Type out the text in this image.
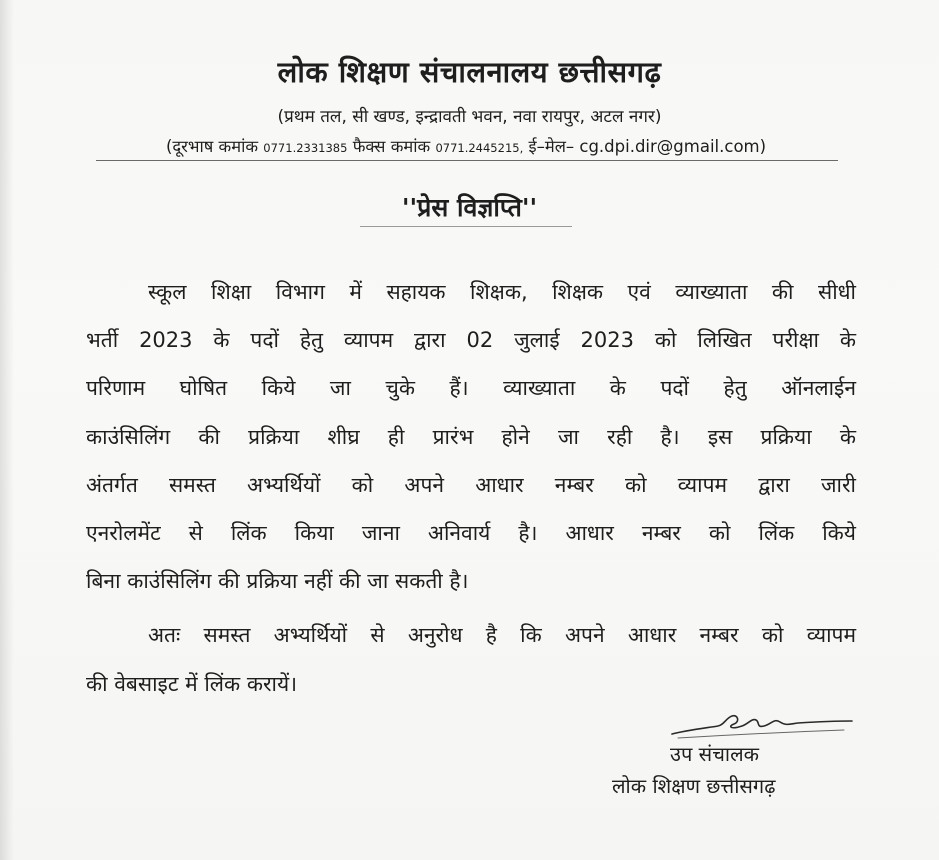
लोक शिक्षण संचालनालय छत्तीसगढ़
(प्रथम तल, सी खण्ड, इन्द्रावती भवन, नवा रायपुर, अटल नगर)
(दूरभाष कमांक 0771.2331385 फैक्स कमांक 0771.2445215, ई–मेल– cg.dpi.dir@gmail.com)
''प्रेस विज्ञप्ति''
स्कूल शिक्षा विभाग में सहायक शिक्षक, शिक्षक एवं व्याख्याता की सीधी
भर्ती 2023 के पदों हेतु व्यापम द्वारा 02 जुलाई 2023 को लिखित परीक्षा के
परिणाम घोषित किये जा चुके हैं। व्याख्याता के पदों हेतु ऑनलाईन
काउंसिलिंग की प्रक्रिया शीघ्र ही प्रारंभ होने जा रही है। इस प्रक्रिया के
अंतर्गत समस्त अभ्यर्थियों को अपने आधार नम्बर को व्यापम द्वारा जारी
एनरोलमेंट से लिंक किया जाना अनिवार्य है। आधार नम्बर को लिंक किये
बिना काउंसिलिंग की प्रक्रिया नहीं की जा सकती है।
अतः समस्त अभ्यर्थियों से अनुरोध है कि अपने आधार नम्बर को व्यापम
की वेबसाइट में लिंक करायें।
उप संचालक
लोक शिक्षण छत्तीसगढ़
